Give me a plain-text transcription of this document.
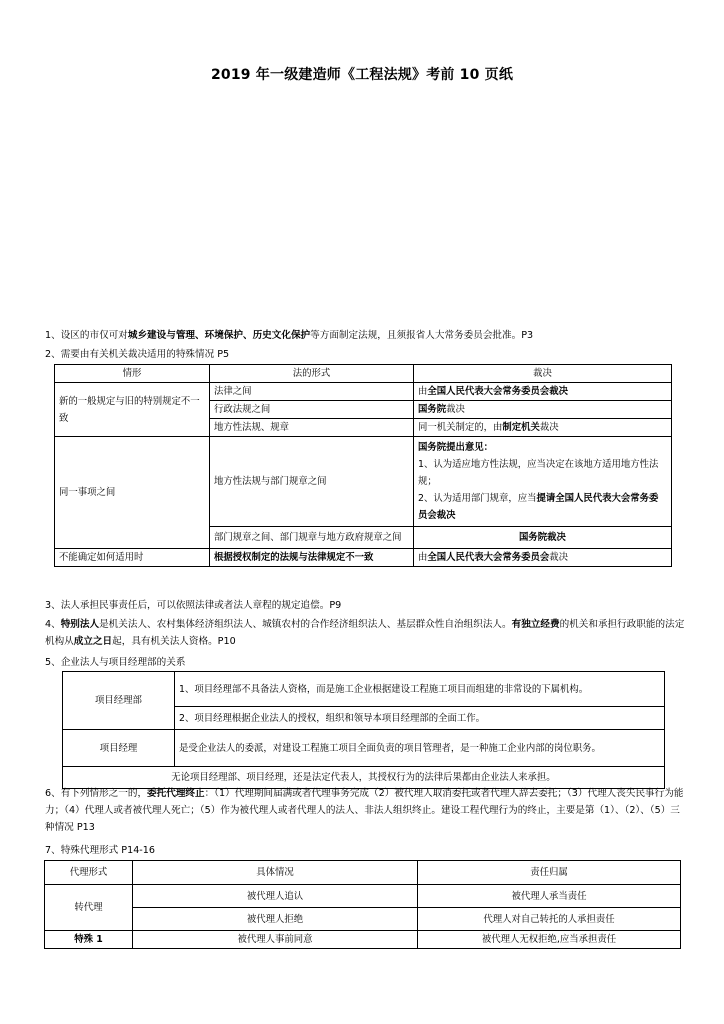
2019 年一级建造师《工程法规》考前 10 页纸
1、设区的市仅可对城乡建设与管理、环境保护、历史文化保护等方面制定法规，且须报省人大常务委员会批准。P3
2、需要由有关机关裁决适用的特殊情况 P5
情形	法的形式	裁决
新的一般规定与旧的特别规定不一致	法律之间	由全国人民代表大会常务委员会裁决
	行政法规之间	国务院裁决
	地方性法规、规章	同一机关制定的，由制定机关裁决
同一事项之间	地方性法规与部门规章之间	国务院提出意见：
1、认为适应地方性法规，应当决定在该地方适用地方性法规；
2、认为适用部门规章，应当提请全国人民代表大会常务委员会裁决
	部门规章之间、部门规章与地方政府规章之间	国务院裁决
不能确定如何适用时	根据授权制定的法规与法律规定不一致	由全国人民代表大会常务委员会裁决
3、法人承担民事责任后，可以依照法律或者法人章程的规定追偿。P9
4、特别法人是机关法人、农村集体经济组织法人、城镇农村的合作经济组织法人、基层群众性自治组织法人。有独立经费的机关和承担行政职能的法定机构从成立之日起，具有机关法人资格。P10
5、企业法人与项目经理部的关系
项目经理部	1、项目经理部不具备法人资格，而是施工企业根据建设工程施工项目而组建的非常设的下属机构。
	2、项目经理根据企业法人的授权，组织和领导本项目经理部的全面工作。
项目经理	是受企业法人的委派，对建设工程施工项目全面负责的项目管理者，是一种施工企业内部的岗位职务。
无论项目经理部、项目经理，还是法定代表人，其授权行为的法律后果都由企业法人来承担。	
6、有下列情形之一的，委托代理终止：（1）代理期间届满或者代理事务完成（2）被代理人取消委托或者代理人辞去委托；（3）代理人丧失民事行为能力；（4）代理人或者被代理人死亡；（5）作为被代理人或者代理人的法人、非法人组织终止。建设工程代理行为的终止，主要是第（1）、（2）、（5）三种情况 P13
7、特殊代理形式 P14-16
代理形式	具体情况	责任归属
转代理	被代理人追认	被代理人承当责任
	被代理人拒绝	代理人对自己转托的人承担责任
特殊 1	被代理人事前同意	被代理人无权拒绝,应当承担责任
